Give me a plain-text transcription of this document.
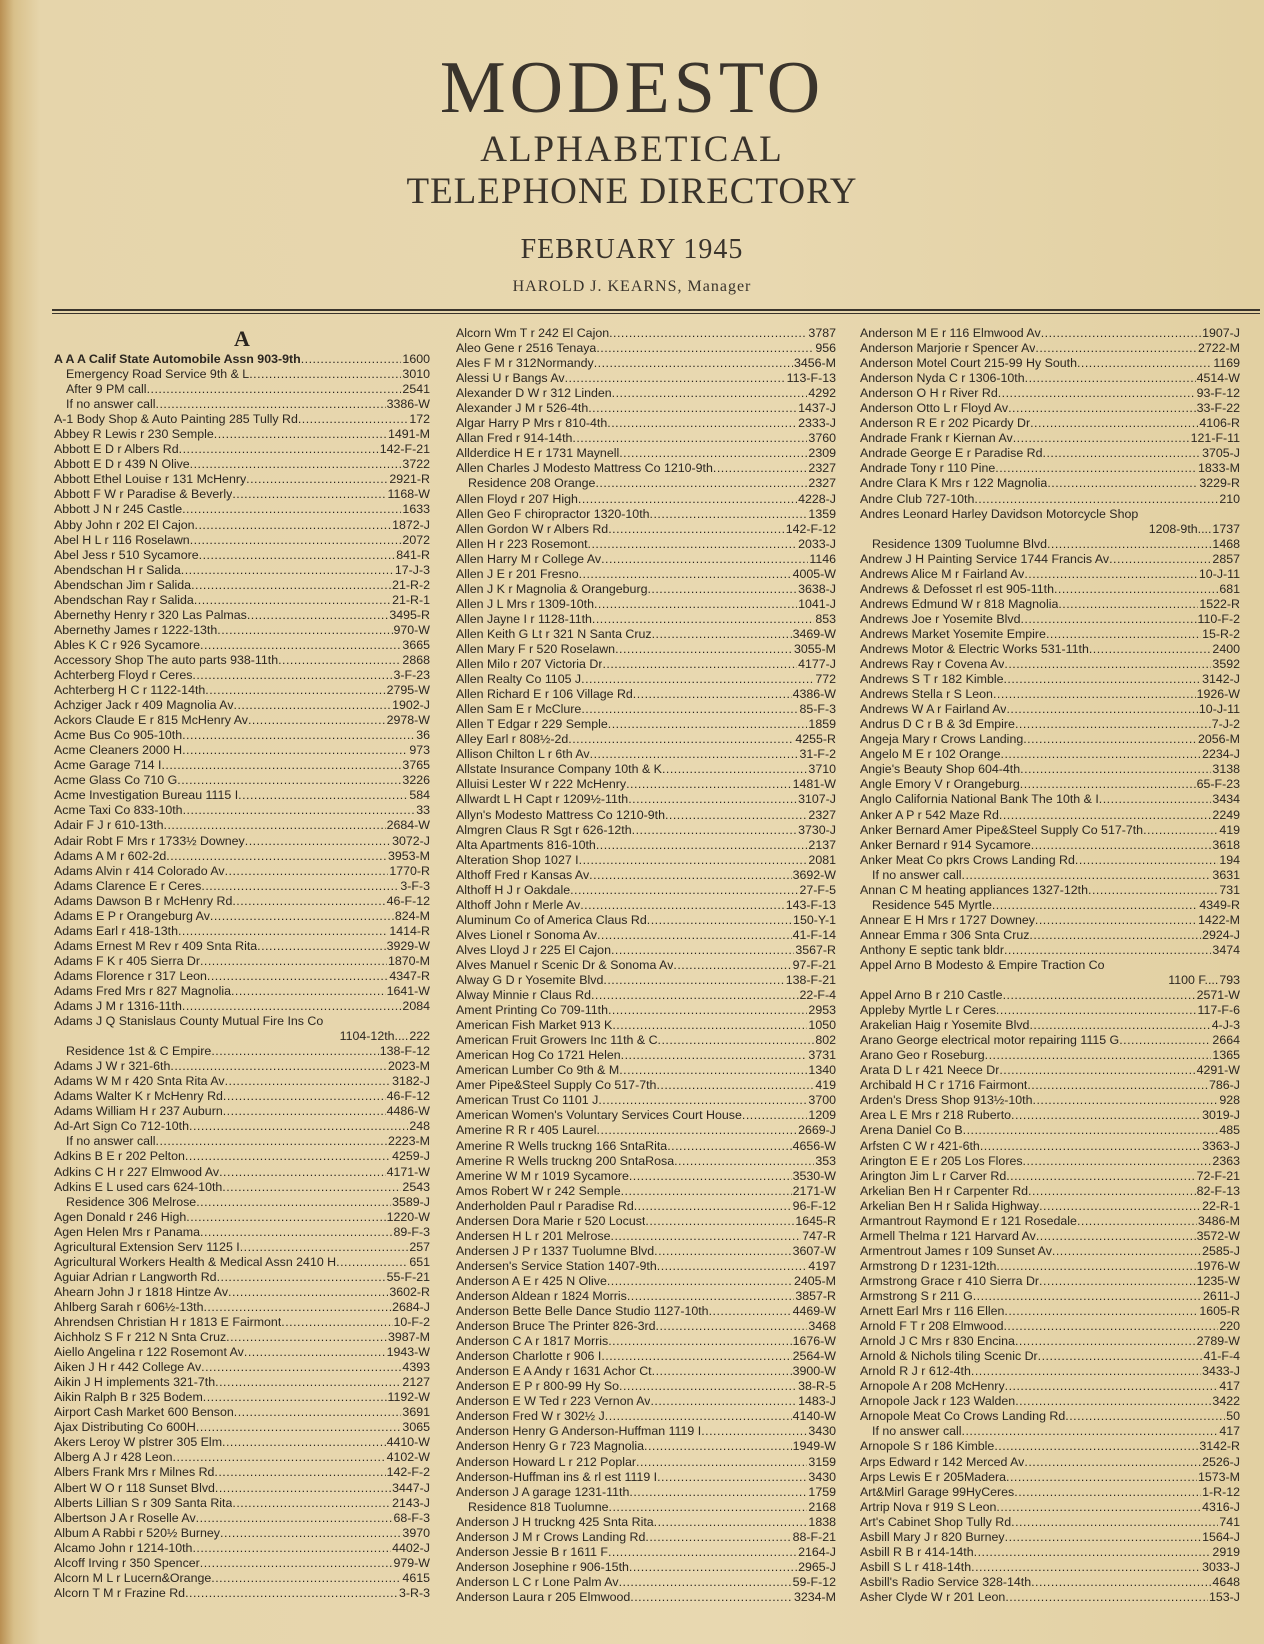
MODESTO
ALPHABETICAL
TELEPHONE DIRECTORY
FEBRUARY 1945
HAROLD J. KEARNS, Manager
A
A A A Calif State Automobile Assn 903-9th .....	1600
Emergency Road Service 9th & L .....	3010
After 9 PM call .....	2541
If no answer call .....	3386-W
A-1 Body Shop & Auto Painting 285 Tully Rd .....	172
Abbey R Lewis r 230 Semple .....	1491-M
Abbott E D r Albers Rd .....	142-F-21
Abbott E D r 439 N Olive .....	3722
Abbott Ethel Louise r 131 McHenry .....	2921-R
Abbott F W r Paradise & Beverly .....	1168-W
Abbott J N r 245 Castle .....	1633
Abby John r 202 El Cajon .....	1872-J
Abel H L r 116 Roselawn .....	2072
Abel Jess r 510 Sycamore .....	841-R
Abendschan H r Salida .....	17-J-3
Abendschan Jim r Salida .....	21-R-2
Abendschan Ray r Salida .....	21-R-1
Abernethy Henry r 320 Las Palmas .....	3495-R
Abernethy James r 1222-13th .....	970-W
Ables K C r 926 Sycamore .....	3665
Accessory Shop The auto parts 938-11th .....	2868
Achterberg Floyd r Ceres .....	3-F-23
Achterberg H C r 1122-14th .....	2795-W
Achziger Jack r 409 Magnolia Av .....	1902-J
Ackors Claude E r 815 McHenry Av .....	2978-W
Acme Bus Co 905-10th .....	36
Acme Cleaners 2000 H .....	973
Acme Garage 714 I .....	3765
Acme Glass Co 710 G .....	3226
Acme Investigation Bureau 1115 I .....	584
Acme Taxi Co 833-10th .....	33
Adair F J r 610-13th .....	2684-W
Adair Robt F Mrs r 1733½ Downey .....	3072-J
Adams A M r 602-2d .....	3953-M
Adams Alvin r 414 Colorado Av .....	1770-R
Adams Clarence E r Ceres .....	3-F-3
Adams Dawson B r McHenry Rd .....	46-F-12
Adams E P r Orangeburg Av .....	824-M
Adams Earl r 418-13th .....	1414-R
Adams Ernest M Rev r 409 Snta Rita .....	3929-W
Adams F K r 405 Sierra Dr .....	1870-M
Adams Florence r 317 Leon .....	4347-R
Adams Fred Mrs r 827 Magnolia .....	1641-W
Adams J M r 1316-11th .....	2084
Adams J Q Stanislaus County Mutual Fire Ins Co
1104-12th.... 222
Residence 1st & C Empire .....	138-F-12
Adams J W r 321-6th .....	2023-M
Adams W M r 420 Snta Rita Av .....	3182-J
Adams Walter K r McHenry Rd .....	46-F-12
Adams William H r 237 Auburn .....	4486-W
Ad-Art Sign Co 712-10th .....	248
If no answer call .....	2223-M
Adkins B E r 202 Pelton .....	4259-J
Adkins C H r 227 Elmwood Av .....	4171-W
Adkins E L used cars 624-10th .....	2543
Residence 306 Melrose .....	3589-J
Agen Donald r 246 High .....	1220-W
Agen Helen Mrs r Panama .....	89-F-3
Agricultural Extension Serv 1125 I .....	257
Agricultural Workers Health & Medical Assn 2410 H .....	651
Aguiar Adrian r Langworth Rd .....	55-F-21
Ahearn John J r 1818 Hintze Av .....	3602-R
Ahlberg Sarah r 606½-13th .....	2684-J
Ahrendsen Christian H r 1813 E Fairmont .....	10-F-2
Aichholz S F r 212 N Snta Cruz .....	3987-M
Aiello Angelina r 122 Rosemont Av .....	1943-W
Aiken J H r 442 College Av .....	4393
Aikin J H implements 321-7th .....	2127
Aikin Ralph B r 325 Bodem .....	1192-W
Airport Cash Market 600 Benson .....	3691
Ajax Distributing Co 600H .....	3065
Akers Leroy W plstrer 305 Elm .....	4410-W
Alberg A J r 428 Leon .....	4102-W
Albers Frank Mrs r Milnes Rd .....	142-F-2
Albert W O r 118 Sunset Blvd .....	3447-J
Alberts Lillian S r 309 Santa Rita .....	2143-J
Albertson J A r Roselle Av .....	68-F-3
Album A Rabbi r 520½ Burney .....	3970
Alcamo John r 1214-10th .....	4402-J
Alcoff Irving r 350 Spencer .....	979-W
Alcorn M L r Lucern&Orange .....	4615
Alcorn T M r Frazine Rd .....	3-R-3
Alcorn Wm T r 242 El Cajon .....	3787
Aleo Gene r 2516 Tenaya .....	956
Ales F M r 312Normandy .....	3456-M
Alessi U r Bangs Av .....	113-F-13
Alexander D W r 312 Linden .....	4292
Alexander J M r 526-4th .....	1437-J
Algar Harry P Mrs r 810-4th .....	2333-J
Allan Fred r 914-14th .....	3760
Allderdice H E r 1731 Maynell .....	2309
Allen Charles J Modesto Mattress Co 1210-9th .....	2327
Residence 208 Orange .....	2327
Allen Floyd r 207 High .....	4228-J
Allen Geo F chiropractor 1320-10th .....	1359
Allen Gordon W r Albers Rd .....	142-F-12
Allen H r 223 Rosemont .....	2033-J
Allen Harry M r College Av .....	1146
Allen J E r 201 Fresno .....	4005-W
Allen J K r Magnolia & Orangeburg .....	3638-J
Allen J L Mrs r 1309-10th .....	1041-J
Allen Jayne I r 1128-11th .....	853
Allen Keith G Lt r 321 N Santa Cruz .....	3469-W
Allen Mary F r 520 Roselawn .....	3055-M
Allen Milo r 207 Victoria Dr .....	4177-J
Allen Realty Co 1105 J .....	772
Allen Richard E r 106 Village Rd .....	4386-W
Allen Sam E r McClure .....	85-F-3
Allen T Edgar r 229 Semple .....	1859
Alley Earl r 808½-2d .....	4255-R
Allison Chilton L r 6th Av .....	31-F-2
Allstate Insurance Company 10th & K .....	3710
Alluisi Lester W r 222 McHenry .....	1481-W
Allwardt L H Capt r 1209½-11th .....	3107-J
Allyn's Modesto Mattress Co 1210-9th .....	2327
Almgren Claus R Sgt r 626-12th .....	3730-J
Alta Apartments 816-10th .....	2137
Alteration Shop 1027 I .....	2081
Althoff Fred r Kansas Av .....	3692-W
Althoff H J r Oakdale .....	27-F-5
Althoff John r Merle Av .....	143-F-13
Aluminum Co of America Claus Rd .....	150-Y-1
Alves Lionel r Sonoma Av .....	41-F-14
Alves Lloyd J r 225 El Cajon .....	3567-R
Alves Manuel r Scenic Dr & Sonoma Av .....	97-F-21
Alway G D r Yosemite Blvd .....	138-F-21
Alway Minnie r Claus Rd .....	22-F-4
Ament Printing Co 709-11th .....	2953
American Fish Market 913 K .....	1050
American Fruit Growers Inc 11th & C .....	802
American Hog Co 1721 Helen .....	3731
American Lumber Co 9th & M .....	1340
Amer Pipe&Steel Supply Co 517-7th .....	419
American Trust Co 1101 J .....	3700
American Women's Voluntary Services Court House .....	1209
Amerine R R r 405 Laurel .....	2669-J
Amerine R Wells truckng 166 SntaRita .....	4656-W
Amerine R Wells truckng 200 SntaRosa .....	353
Amerine W M r 1019 Sycamore .....	3530-W
Amos Robert W r 242 Semple .....	2171-W
Anderholden Paul r Paradise Rd .....	96-F-12
Andersen Dora Marie r 520 Locust .....	1645-R
Andersen H L r 201 Melrose .....	747-R
Andersen J P r 1337 Tuolumne Blvd .....	3607-W
Andersen's Service Station 1407-9th .....	4197
Anderson A E r 425 N Olive .....	2405-M
Anderson Aldean r 1824 Morris .....	3857-R
Anderson Bette Belle Dance Studio 1127-10th .....	4469-W
Anderson Bruce The Printer 826-3rd .....	3468
Anderson C A r 1817 Morris .....	1676-W
Anderson Charlotte r 906 I .....	2564-W
Anderson E A Andy r 1631 Achor Ct .....	3900-W
Anderson E P r 800-99 Hy So .....	38-R-5
Anderson E W Ted r 223 Vernon Av .....	1483-J
Anderson Fred W r 302½ J .....	4140-W
Anderson Henry G Anderson-Huffman 1119 I .....	3430
Anderson Henry G r 723 Magnolia .....	1949-W
Anderson Howard L r 212 Poplar .....	3159
Anderson-Huffman ins & rl est 1119 I .....	3430
Anderson J A garage 1231-11th .....	1759
Residence 818 Tuolumne .....	2168
Anderson J H truckng 425 Snta Rita .....	1838
Anderson J M r Crows Landing Rd .....	88-F-21
Anderson Jessie B r 1611 F .....	2164-J
Anderson Josephine r 906-15th .....	2965-J
Anderson L C r Lone Palm Av .....	59-F-12
Anderson Laura r 205 Elmwood .....	3234-M
Anderson M E r 116 Elmwood Av .....	1907-J
Anderson Marjorie r Spencer Av .....	2722-M
Anderson Motel Court 215-99 Hy South .....	1169
Anderson Nyda C r 1306-10th .....	4514-W
Anderson O H r River Rd .....	93-F-12
Anderson Otto L r Floyd Av .....	33-F-22
Anderson R E r 202 Picardy Dr .....	4106-R
Andrade Frank r Kiernan Av .....	121-F-11
Andrade George E r Paradise Rd .....	3705-J
Andrade Tony r 110 Pine .....	1833-M
Andre Clara K Mrs r 122 Magnolia .....	3229-R
Andre Club 727-10th .....	210
Andres Leonard Harley Davidson Motorcycle Shop
1208-9th.... 1737
Residence 1309 Tuolumne Blvd .....	1468
Andrew J H Painting Service 1744 Francis Av .....	2857
Andrews Alice M r Fairland Av .....	10-J-11
Andrews & Defosset rl est 905-11th .....	681
Andrews Edmund W r 818 Magnolia .....	1522-R
Andrews Joe r Yosemite Blvd .....	110-F-2
Andrews Market Yosemite Empire .....	15-R-2
Andrews Motor & Electric Works 531-11th .....	2400
Andrews Ray r Covena Av .....	3592
Andrews S T r 182 Kimble .....	3142-J
Andrews Stella r S Leon .....	1926-W
Andrews W A r Fairland Av .....	10-J-11
Andrus D C r B & 3d Empire .....	7-J-2
Angeja Mary r Crows Landing .....	2056-M
Angelo M E r 102 Orange .....	2234-J
Angie's Beauty Shop 604-4th .....	3138
Angle Emory V r Orangeburg .....	65-F-23
Anglo California National Bank The 10th & I .....	3434
Anker A P r 542 Maze Rd .....	2249
Anker Bernard Amer Pipe&Steel Supply Co 517-7th .....	419
Anker Bernard r 914 Sycamore .....	3618
Anker Meat Co pkrs Crows Landing Rd .....	194
If no answer call .....	3631
Annan C M heating appliances 1327-12th .....	731
Residence 545 Myrtle .....	4349-R
Annear E H Mrs r 1727 Downey .....	1422-M
Annear Emma r 306 Snta Cruz .....	2924-J
Anthony E septic tank bldr .....	3474
Appel Arno B Modesto & Empire Traction Co
1100 F.... 793
Appel Arno B r 210 Castle .....	2571-W
Appleby Myrtle L r Ceres .....	117-F-6
Arakelian Haig r Yosemite Blvd .....	4-J-3
Arano George electrical motor repairing 1115 G .....	2664
Arano Geo r Roseburg .....	1365
Arata D L r 421 Neece Dr .....	4291-W
Archibald H C r 1716 Fairmont .....	786-J
Arden's Dress Shop 913½-10th .....	928
Area L E Mrs r 218 Ruberto .....	3019-J
Arena Daniel Co B .....	485
Arfsten C W r 421-6th .....	3363-J
Arington E E r 205 Los Flores .....	2363
Arington Jim L r Carver Rd .....	72-F-21
Arkelian Ben H r Carpenter Rd .....	82-F-13
Arkelian Ben H r Salida Highway .....	22-R-1
Armantrout Raymond E r 121 Rosedale .....	3486-M
Armell Thelma r 121 Harvard Av .....	3572-W
Armentrout James r 109 Sunset Av .....	2585-J
Armstrong D r 1231-12th .....	1976-W
Armstrong Grace r 410 Sierra Dr .....	1235-W
Armstrong S r 211 G .....	2611-J
Arnett Earl Mrs r 116 Ellen .....	1605-R
Arnold F T r 208 Elmwood .....	220
Arnold J C Mrs r 830 Encina .....	2789-W
Arnold & Nichols tiling Scenic Dr .....	41-F-4
Arnold R J r 612-4th .....	3433-J
Arnopole A r 208 McHenry .....	417
Arnopole Jack r 123 Walden .....	3422
Arnopole Meat Co Crows Landing Rd .....	50
If no answer call .....	417
Arnopole S r 186 Kimble .....	3142-R
Arps Edward r 142 Merced Av .....	2526-J
Arps Lewis E r 205Madera .....	1573-M
Art&Mirl Garage 99HyCeres .....	1-R-12
Artrip Nova r 919 S Leon .....	4316-J
Art's Cabinet Shop Tully Rd .....	741
Asbill Mary J r 820 Burney .....	1564-J
Asbill R B r 414-14th .....	2919
Asbill S L r 418-14th .....	3033-J
Asbill's Radio Service 328-14th .....	4648
Asher Clyde W r 201 Leon .....	153-J
